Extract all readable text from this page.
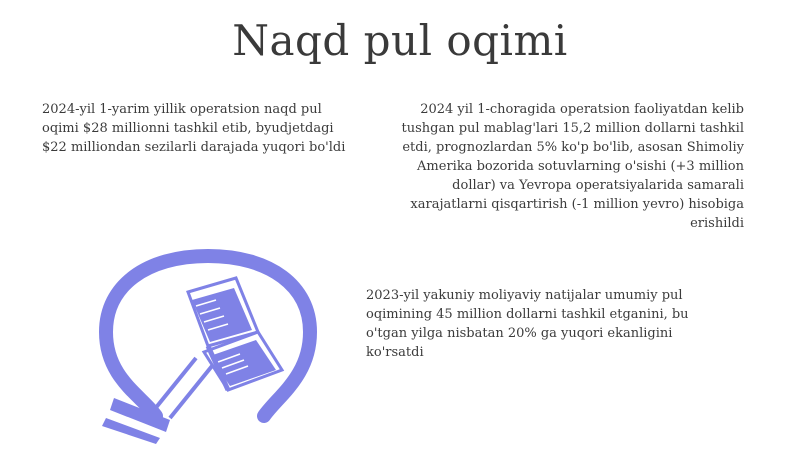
Naqd pul oqimi

2024-yil 1-yarim yillik operatsion naqd pul oqimi $28 millionni tashkil etib, byudjetdagi $22 milliondan sezilarli darajada yuqori bo'ldi

2024 yil 1-choragida operatsion faoliyatdan kelib tushgan pul mablag'lari 15,2 million dollarni tashkil etdi, prognozlardan 5% ko'p bo'lib, asosan Shimoliy Amerika bozorida sotuvlarning o'sishi (+3 million dollar) va Yevropa operatsiyalarida samarali xarajatlarni qisqartirish (-1 million yevro) hisobiga erishildi

2023-yil yakuniy moliyaviy natijalar umumiy pul oqimining 45 million dollarni tashkil etganini, bu o'tgan yilga nisbatan 20% ga yuqori ekanligini ko'rsatdi
